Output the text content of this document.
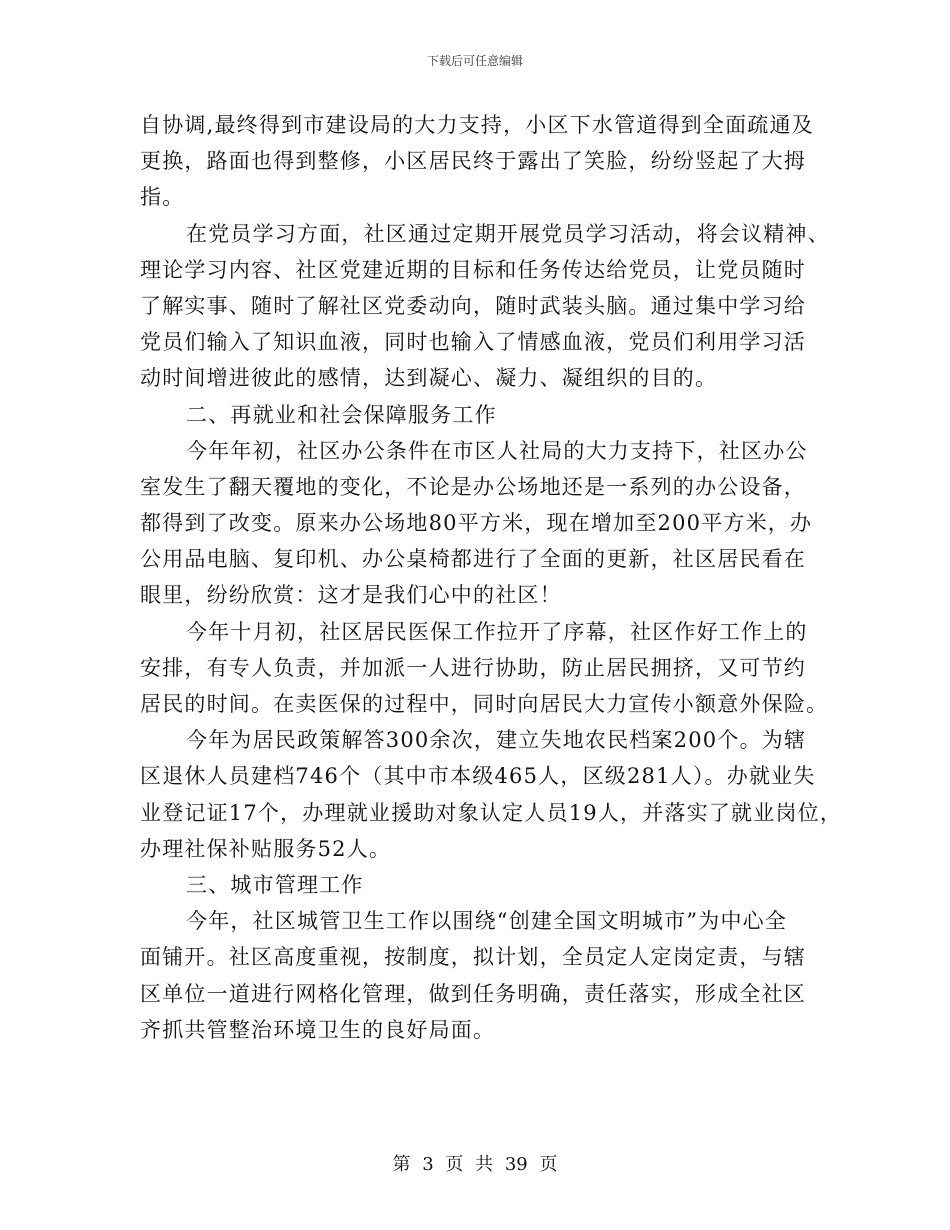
下载后可任意编辑
自协调,最终得到市建设局的大力支持，小区下水管道得到全面疏通及
更换，路面也得到整修，小区居民终于露出了笑脸，纷纷竖起了大拇
指。
在党员学习方面，社区通过定期开展党员学习活动，将会议精神、
理论学习内容、社区党建近期的目标和任务传达给党员，让党员随时
了解实事、随时了解社区党委动向，随时武装头脑。通过集中学习给
党员们输入了知识血液，同时也输入了情感血液，党员们利用学习活
动时间增进彼此的感情，达到凝心、凝力、凝组织的目的。
二、再就业和社会保障服务工作
今年年初，社区办公条件在市区人社局的大力支持下，社区办公
室发生了翻天覆地的变化，不论是办公场地还是一系列的办公设备，
都得到了改变。原来办公场地80平方米，现在增加至200平方米，办
公用品电脑、复印机、办公桌椅都进行了全面的更新，社区居民看在
眼里，纷纷欣赏：这才是我们心中的社区！
今年十月初，社区居民医保工作拉开了序幕，社区作好工作上的
安排，有专人负责，并加派一人进行协助，防止居民拥挤，又可节约
居民的时间。在卖医保的过程中，同时向居民大力宣传小额意外保险。
今年为居民政策解答300余次，建立失地农民档案200个。为辖
区退休人员建档746个（其中市本级465人，区级281人）。办就业失
业登记证17个，办理就业援助对象认定人员19人，并落实了就业岗位，
办理社保补贴服务52人。
三、城市管理工作
今年，社区城管卫生工作以围绕“创建全国文明城市”为中心全
面铺开。社区高度重视，按制度，拟计划，全员定人定岗定责，与辖
区单位一道进行网格化管理，做到任务明确，责任落实，形成全社区
齐抓共管整治环境卫生的良好局面。
第 3 页 共 39 页
